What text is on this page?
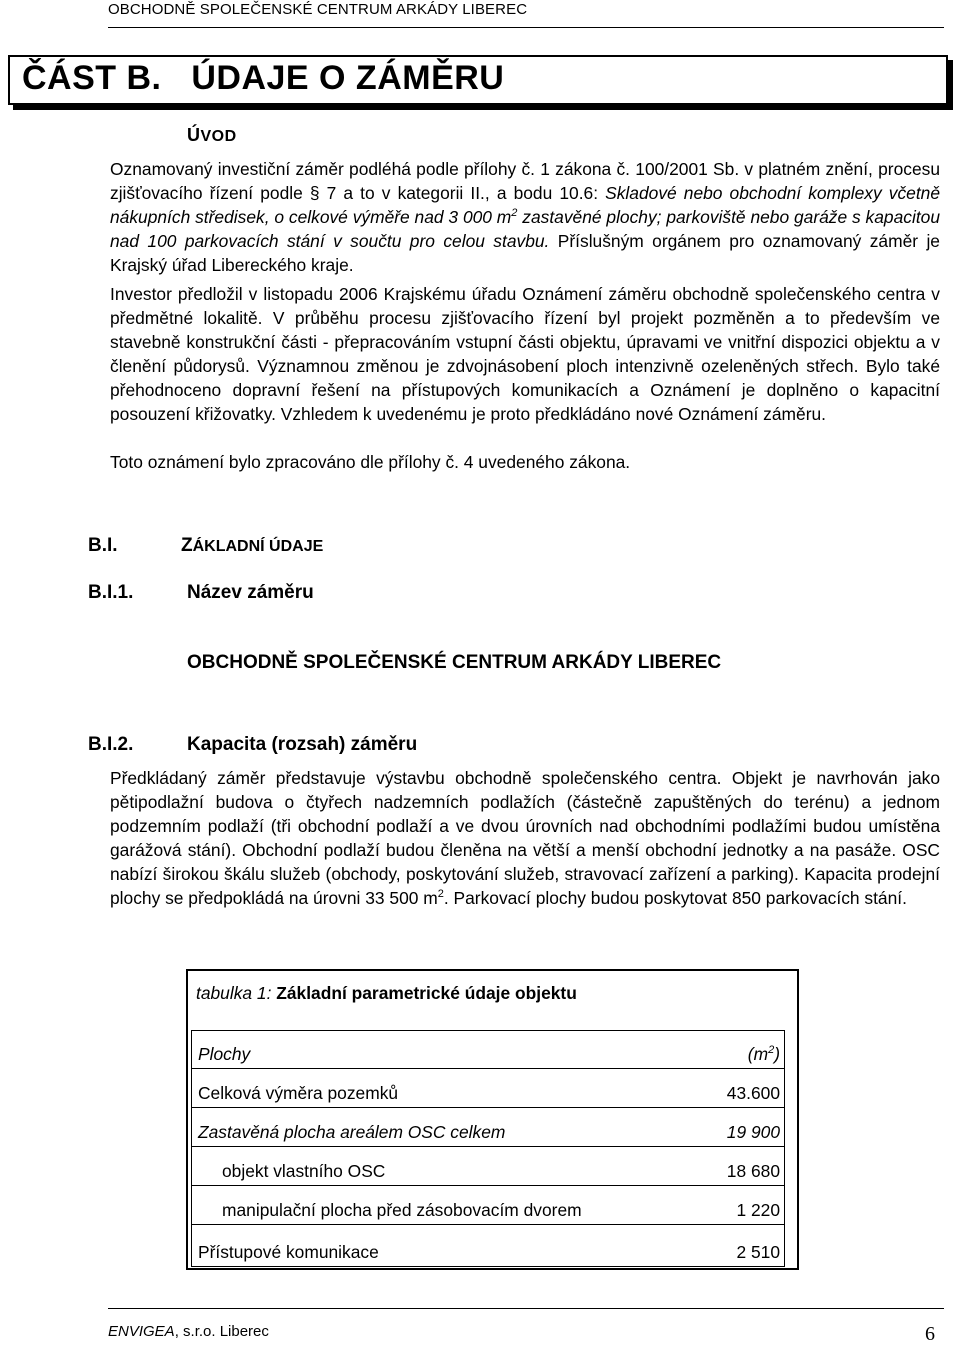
OBCHODNĚ SPOLEČENSKÉ CENTRUM ARKÁDY LIBEREC
ČÁST B.   ÚDAJE O ZÁMĚRU
ÚVOD

Oznamovaný investiční záměr podléhá podle přílohy č. 1 zákona č. 100/2001 Sb. v platném znění, procesu zjišťovacího řízení podle § 7 a to v kategorii II., a bodu 10.6: Skladové nebo obchodní komplexy včetně nákupních středisek, o celkové výměře nad 3 000 $m^2$ zastavěné plochy; parkoviště nebo garáže s kapacitou nad 100 parkovacích stání v součtu pro celou stavbu. Příslušným orgánem pro oznamovaný záměr je Krajský úřad Libereckého kraje.

Investor předložil v listopadu 2006 Krajskému úřadu Oznámení záměru obchodně společenského centra v předmětné lokalitě. V průběhu procesu zjišťovacího řízení byl projekt pozměněn a to především ve stavebně konstrukční části - přepracováním vstupní části objektu, úpravami ve vnitřní dispozici objektu a v členění půdorysů. Významnou změnou je zdvojnásobení ploch intenzivně ozeleněných střech. Bylo také přehodnoceno dopravní řešení na přístupových komunikacích a Oznámení je doplněno o kapacitní posouzení křižovatky. Vzhledem k uvedenému je proto předkládáno nové Oznámení záměru.

Toto oznámení bylo zpracováno dle přílohy č. 4 uvedeného zákona.

B.I.	ZÁKLADNÍ ÚDAJE
B.I.1.	Název záměru
OBCHODNĚ SPOLEČENSKÉ CENTRUM ARKÁDY LIBEREC
B.I.2.	Kapacita (rozsah) záměru

Předkládaný záměr představuje výstavbu obchodně společenského centra. Objekt je navrhován jako pětipodlažní budova o čtyřech nadzemních podlažích (částečně zapuštěných do terénu) a jednom podzemním podlaží (tři obchodní podlaží a ve dvou úrovních nad obchodními podlažími budou umístěna garážová stání). Obchodní podlaží budou členěna na větší a menší obchodní jednotky a na pasáže. OSC nabízí širokou škálu služeb (obchody, poskytování služeb, stravovací zařízení a parking). Kapacita prodejní plochy se předpokládá na úrovni 33 500 $m^2$. Parkovací plochy budou poskytovat 850 parkovacích stání.

tabulka 1: Základní parametrické údaje objektu
Plochy	$(m^2)$
Celková výměra pozemků	43.600
Zastavěná plocha areálem OSC celkem	19 900
objekt vlastního OSC	18 680
manipulační plocha před zásobovacím dvorem	1 220
Přístupové komunikace	2 510
ENVIGEA, s.r.o. Liberec	6
